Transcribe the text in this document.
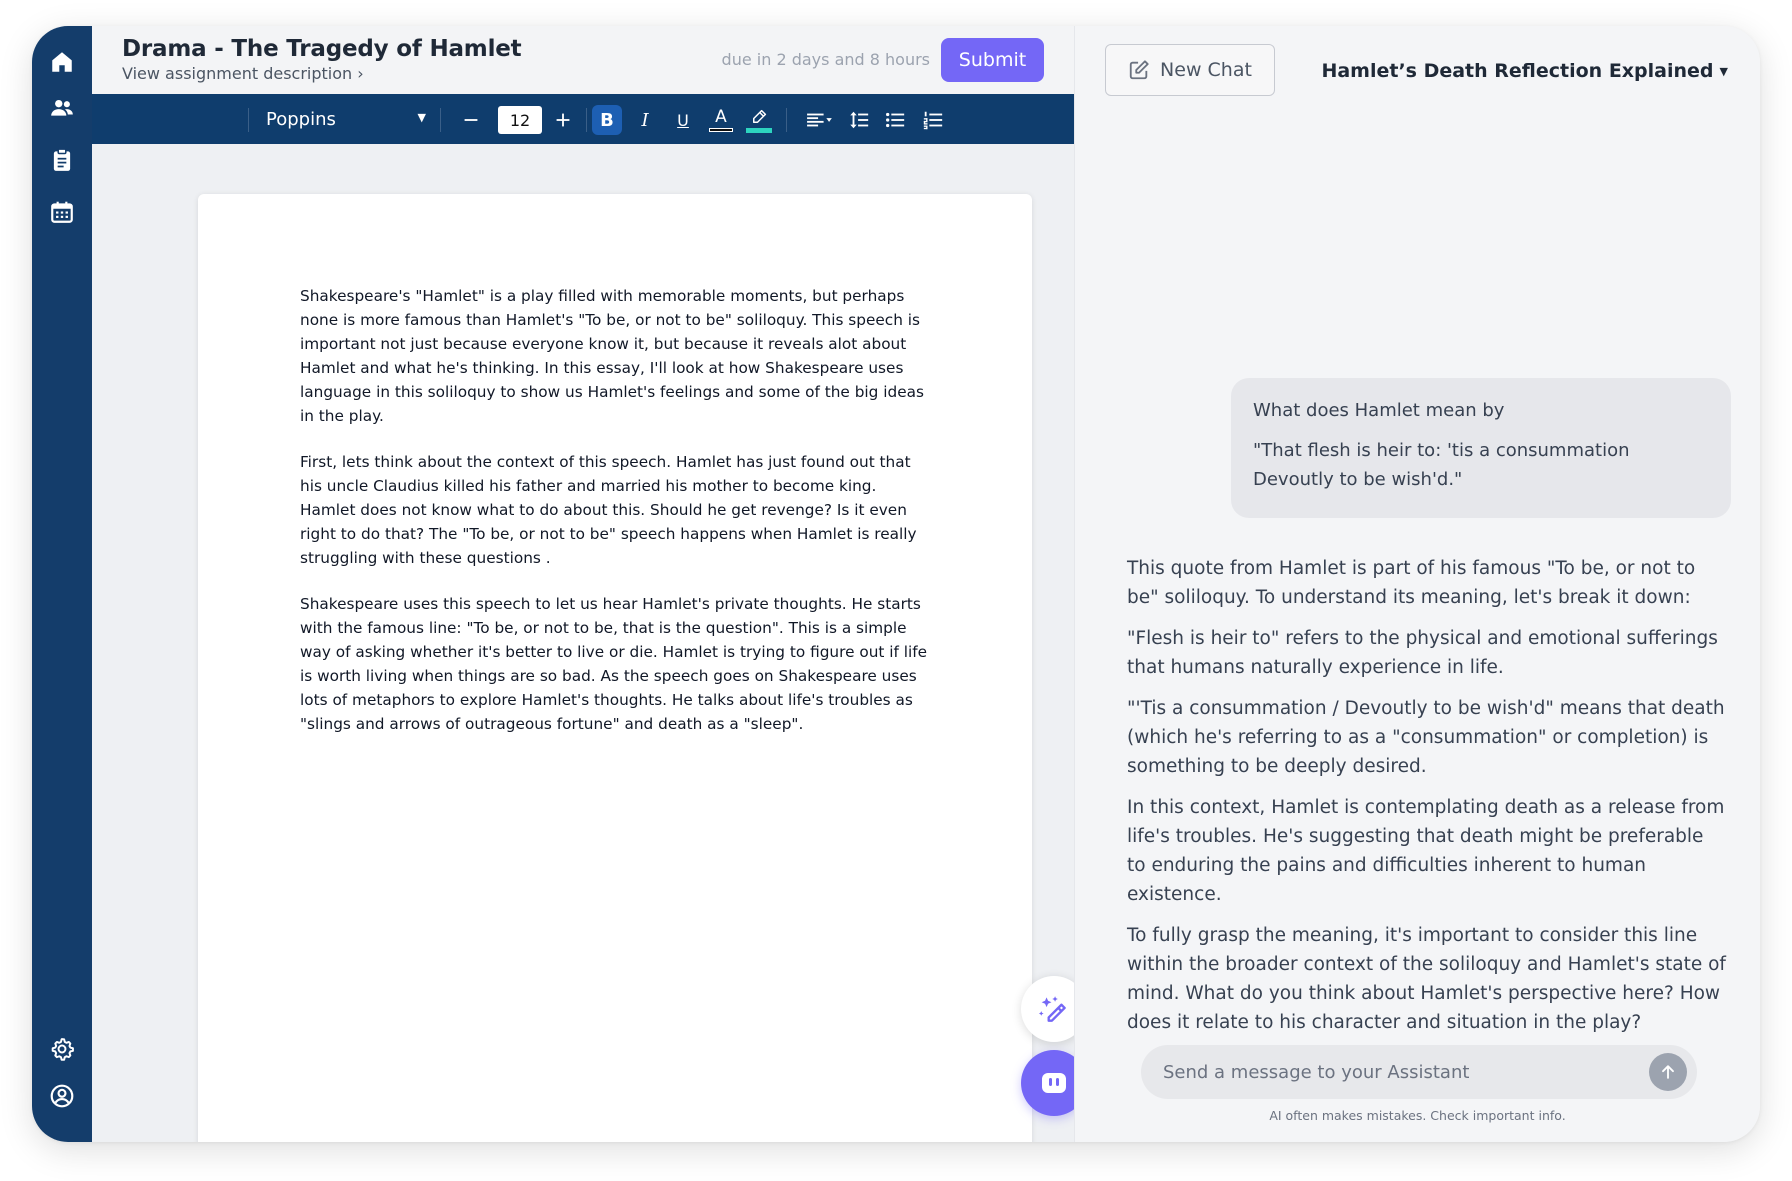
Drama - The Tragedy of Hamlet
View assignment description ›
due in 2 days and 8 hours	Submit
Poppins	▼
12	B I U A

Shakespeare's "Hamlet" is a play filled with memorable moments, but perhaps none is more famous than Hamlet's "To be, or not to be" soliloquy. This speech is important not just because everyone know it, but because it reveals alot about Hamlet and what he's thinking. In this essay, I'll look at how Shakespeare uses language in this soliloquy to show us Hamlet's feelings and some of the big ideas in the play.

First, lets think about the context of this speech. Hamlet has just found out that his uncle Claudius killed his father and married his mother to become king. Hamlet does not know what to do about this. Should he get revenge? Is it even right to do that? The "To be, or not to be" speech happens when Hamlet is really struggling with these questions .

Shakespeare uses this speech to let us hear Hamlet's private thoughts. He starts with the famous line: "To be, or not to be, that is the question". This is a simple way of asking whether it's better to live or die. Hamlet is trying to figure out if life is worth living when things are so bad. As the speech goes on Shakespeare uses lots of metaphors to explore Hamlet's thoughts. He talks about life's troubles as "slings and arrows of outrageous fortune" and death as a "sleep".

New Chat	Hamlet’s Death Reflection Explained ▼
What does Hamlet mean by
"That flesh is heir to: 'tis a consummation Devoutly to be wish'd."

This quote from Hamlet is part of his famous "To be, or not to be" soliloquy. To understand its meaning, let's break it down:

"Flesh is heir to" refers to the physical and emotional sufferings that humans naturally experience in life.

"'Tis a consummation / Devoutly to be wish'd" means that death (which he's referring to as a "consummation" or completion) is something to be deeply desired.

In this context, Hamlet is contemplating death as a release from life's troubles. He's suggesting that death might be preferable to enduring the pains and difficulties inherent to human existence.

To fully grasp the meaning, it's important to consider this line within the broader context of the soliloquy and Hamlet's state of mind. What do you think about Hamlet's perspective here? How does it relate to his character and situation in the play?

Send a message to your Assistant
AI often makes mistakes. Check important info.
